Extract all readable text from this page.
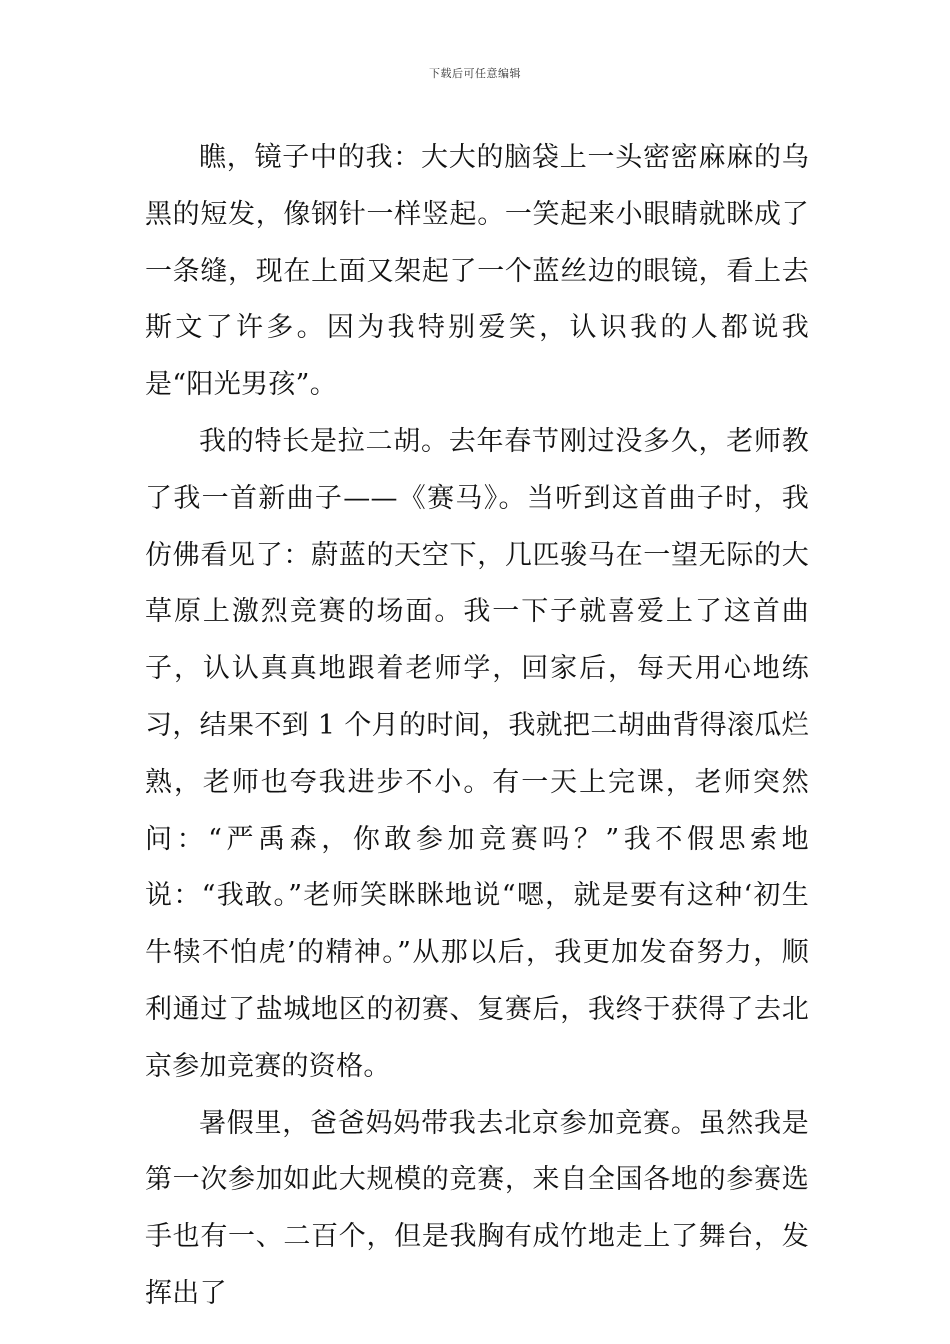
下载后可任意编辑

瞧，镜子中的我：大大的脑袋上一头密密麻麻的乌黑的短发，像钢针一样竖起。一笑起来小眼睛就眯成了一条缝，现在上面又架起了一个蓝丝边的眼镜，看上去斯文了许多。因为我特别爱笑，认识我的人都说我是“阳光男孩”。

我的特长是拉二胡。去年春节刚过没多久，老师教了我一首新曲子——《赛马》。当听到这首曲子时，我仿佛看见了：蔚蓝的天空下，几匹骏马在一望无际的大草原上激烈竞赛的场面。我一下子就喜爱上了这首曲子，认认真真地跟着老师学，回家后，每天用心地练习，结果不到 1 个月的时间，我就把二胡曲背得滚瓜烂熟，老师也夸我进步不小。有一天上完课，老师突然问：“严禹森，你敢参加竞赛吗？”我不假思索地说：“我敢。”老师笑眯眯地说“嗯，就是要有这种‘初生牛犊不怕虎’的精神。”从那以后，我更加发奋努力，顺利通过了盐城地区的初赛、复赛后，我终于获得了去北京参加竞赛的资格。

暑假里，爸爸妈妈带我去北京参加竞赛。虽然我是第一次参加如此大规模的竞赛，来自全国各地的参赛选手也有一、二百个，但是我胸有成竹地走上了舞台，发挥出了
